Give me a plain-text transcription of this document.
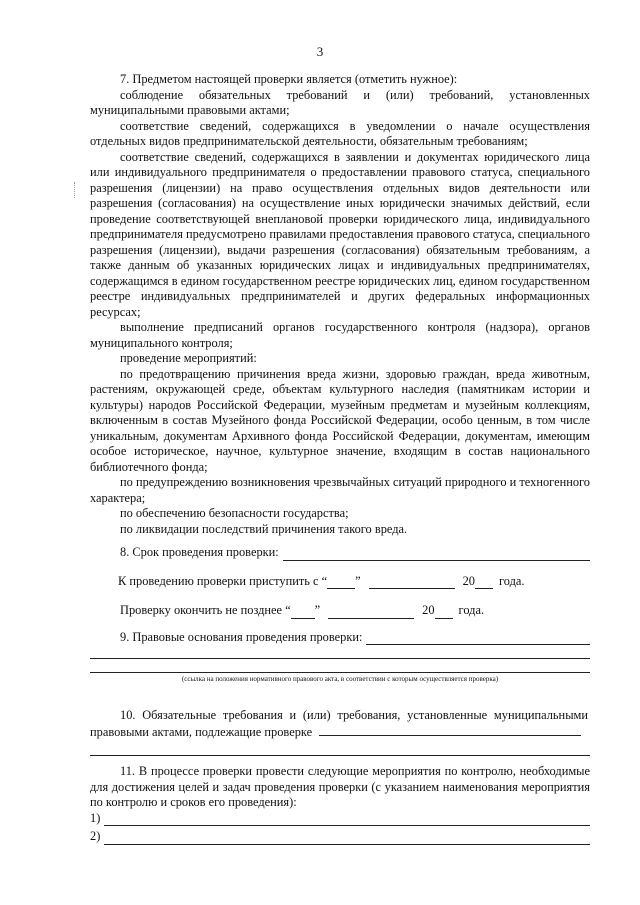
3

7. Предметом настоящей проверки является (отметить нужное):

соблюдение обязательных требований и (или) требований, установленных муниципальными правовыми актами;

соответствие сведений, содержащихся в уведомлении о начале осуществления отдельных видов предпринимательской деятельности, обязательным требованиям;

соответствие сведений, содержащихся в заявлении и документах юридического лица или индивидуального предпринимателя о предоставлении правового статуса, специального разрешения (лицензии) на право осуществления отдельных видов деятельности или разрешения (согласования) на осуществление иных юридически значимых действий, если проведение соответствующей внеплановой проверки юридического лица, индивидуального предпринимателя предусмотрено правилами предоставления правового статуса, специального разрешения (лицензии), выдачи разрешения (согласования) обязательным требованиям, а также данным об указанных юридических лицах и индивидуальных предпринимателях, содержащимся в едином государственном реестре юридических лиц, едином государственном реестре индивидуальных предпринимателей и других федеральных информационных ресурсах;

выполнение предписаний органов государственного контроля (надзора), органов муниципального контроля;

проведение мероприятий:

по предотвращению причинения вреда жизни, здоровью граждан, вреда животным, растениям, окружающей среде, объектам культурного наследия (памятникам истории и культуры) народов Российской Федерации, музейным предметам и музейным коллекциям, включенным в состав Музейного фонда Российской Федерации, особо ценным, в том числе уникальным, документам Архивного фонда Российской Федерации, документам, имеющим особое историческое, научное, культурное значение, входящим в состав национального библиотечного фонда;

по предупреждению возникновения чрезвычайных ситуаций природного и техногенного характера;

по обеспечению безопасности государства;

по ликвидации последствий причинения такого вреда.

8. Срок проведения проверки:
К проведению проверки приступить с “ ”	20 года.
Проверку окончить не позднее “ ”	20 года.
9. Правовые основания проведения проверки:
(ссылка на положения нормативного правового акта, в соответствии с которым осуществляется проверка)

10. Обязательные требования и (или) требования, установленные муниципальными правовыми актами, подлежащие проверке

11. В процессе проверки провести следующие мероприятия по контролю, необходимые для достижения целей и задач проведения проверки (с указанием наименования мероприятия по контролю и сроков его проведения):

1)
2)
